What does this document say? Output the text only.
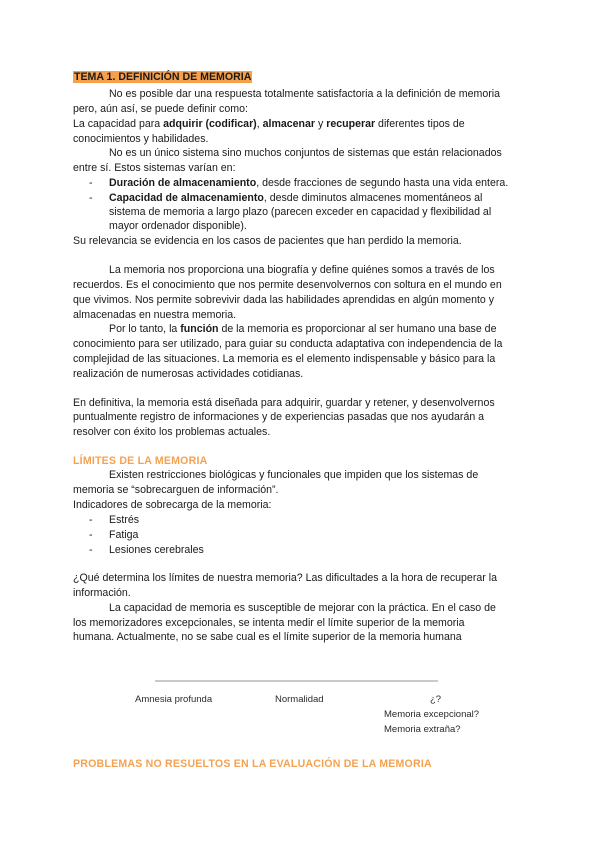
TEMA 1. DEFINICIÓN DE MEMORIA
No es posible dar una respuesta totalmente satisfactoria a la definición de memoria
pero, aún así, se puede definir como:
La capacidad para adquirir (codificar), almacenar y recuperar diferentes tipos de
conocimientos y habilidades.
No es un único sistema sino muchos conjuntos de sistemas que están relacionados
entre sí. Estos sistemas varían en:
- Duración de almacenamiento, desde fracciones de segundo hasta una vida entera.
- Capacidad de almacenamiento, desde diminutos almacenes momentáneos al
sistema de memoria a largo plazo (parecen exceder en capacidad y flexibilidad al
mayor ordenador disponible).
Su relevancia se evidencia en los casos de pacientes que han perdido la memoria.
La memoria nos proporciona una biografía y define quiénes somos a través de los
recuerdos. Es el conocimiento que nos permite desenvolvernos con soltura en el mundo en
que vivimos. Nos permite sobrevivir dada las habilidades aprendidas en algún momento y
almacenadas en nuestra memoria.
Por lo tanto, la función de la memoria es proporcionar al ser humano una base de
conocimiento para ser utilizado, para guiar su conducta adaptativa con independencia de la
complejidad de las situaciones. La memoria es el elemento indispensable y básico para la
realización de numerosas actividades cotidianas.
En definitiva, la memoria está diseñada para adquirir, guardar y retener, y desenvolvernos
puntualmente registro de informaciones y de experiencias pasadas que nos ayudarán a
resolver con éxito los problemas actuales.
LÍMITES DE LA MEMORIA
Existen restricciones biológicas y funcionales que impiden que los sistemas de
memoria se “sobrecarguen de información”.
Indicadores de sobrecarga de la memoria:
- Estrés
- Fatiga
- Lesiones cerebrales
¿Qué determina los límites de nuestra memoria? Las dificultades a la hora de recuperar la
información.
La capacidad de memoria es susceptible de mejorar con la práctica. En el caso de
los memorizadores excepcionales, se intenta medir el límite superior de la memoria
humana. Actualmente, no se sabe cual es el límite superior de la memoria humana
Amnesia profunda	Normalidad	¿?
Memoria excepcional?
Memoria extraña?
PROBLEMAS NO RESUELTOS EN LA EVALUACIÓN DE LA MEMORIA
